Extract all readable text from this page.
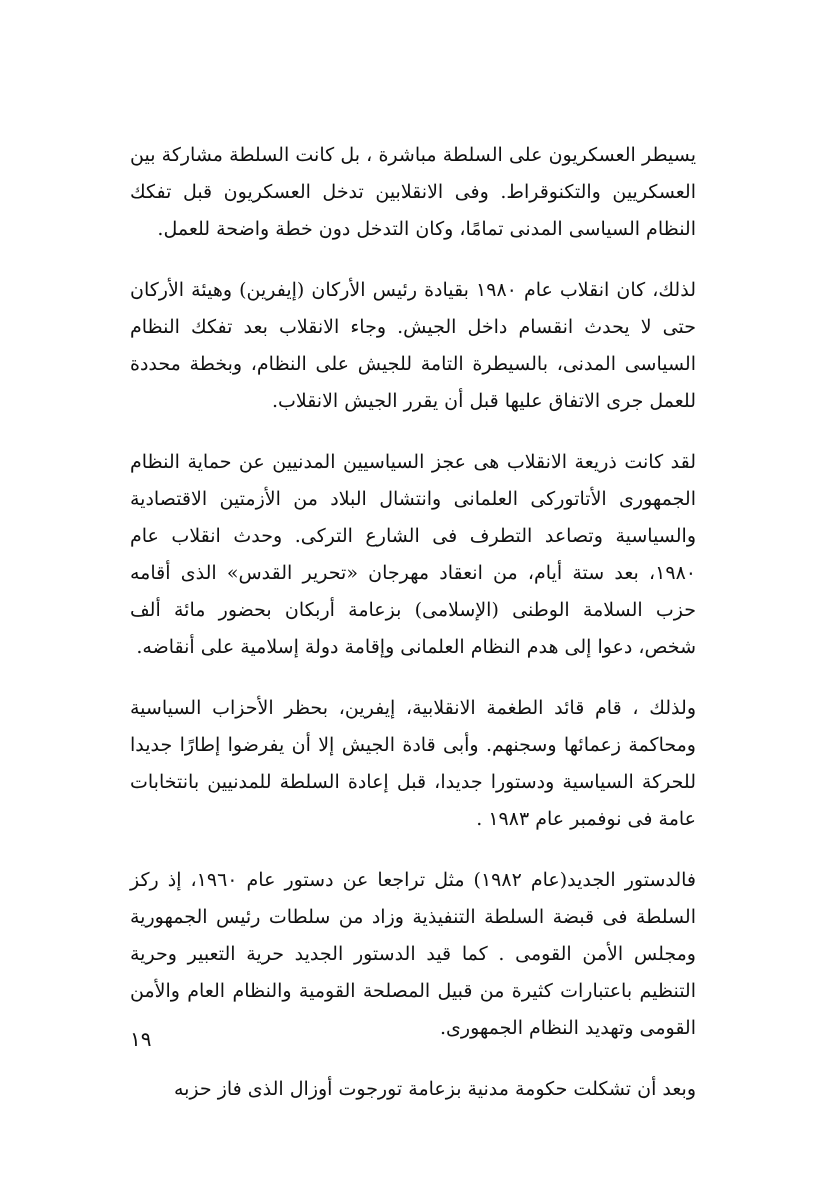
يسيطر العسكريون على السلطة مباشرة ، بل كانت السلطة مشاركة بين العسكريين والتكنوقراط. وفى الانقلابين تدخل العسكريون قبل تفكك النظام السياسى المدنى تمامًا، وكان التدخل دون خطة واضحة للعمل.

لذلك، كان انقلاب عام ١٩٨٠ بقيادة رئيس الأركان (إيفرين) وهيئة الأركان حتى لا يحدث انقسام داخل الجيش. وجاء الانقلاب بعد تفكك النظام السياسى المدنى، بالسيطرة التامة للجيش على النظام، وبخطة محددة للعمل جرى الاتفاق عليها قبل أن يقرر الجيش الانقلاب.

لقد كانت ذريعة الانقلاب هى عجز السياسيين المدنيين عن حماية النظام الجمهورى الأتاتوركى العلمانى وانتشال البلاد من الأزمتين الاقتصادية والسياسية وتصاعد التطرف فى الشارع التركى. وحدث انقلاب عام ١٩٨٠، بعد ستة أيام، من انعقاد مهرجان «تحرير القدس» الذى أقامه حزب السلامة الوطنى (الإسلامى) بزعامة أربكان بحضور مائة ألف شخص، دعوا إلى هدم النظام العلمانى وإقامة دولة إسلامية على أنقاضه.

ولذلك ، قام قائد الطغمة الانقلابية، إيفرين، بحظر الأحزاب السياسية ومحاكمة زعمائها وسجنهم. وأبى قادة الجيش إلا أن يفرضوا إطارًا جديدا للحركة السياسية ودستورا جديدا، قبل إعادة السلطة للمدنيين بانتخابات عامة فى نوفمبر عام ١٩٨٣ .

فالدستور الجديد(عام ١٩٨٢) مثل تراجعا عن دستور عام ١٩٦٠، إذ ركز السلطة فى قبضة السلطة التنفيذية وزاد من سلطات رئيس الجمهورية ومجلس الأمن القومى . كما قيد الدستور الجديد حرية التعبير وحرية التنظيم باعتبارات كثيرة من قبيل المصلحة القومية والنظام العام والأمن القومى وتهديد النظام الجمهورى.

وبعد أن تشكلت حكومة مدنية بزعامة تورجوت أوزال الذى فاز حزبه

١٩
